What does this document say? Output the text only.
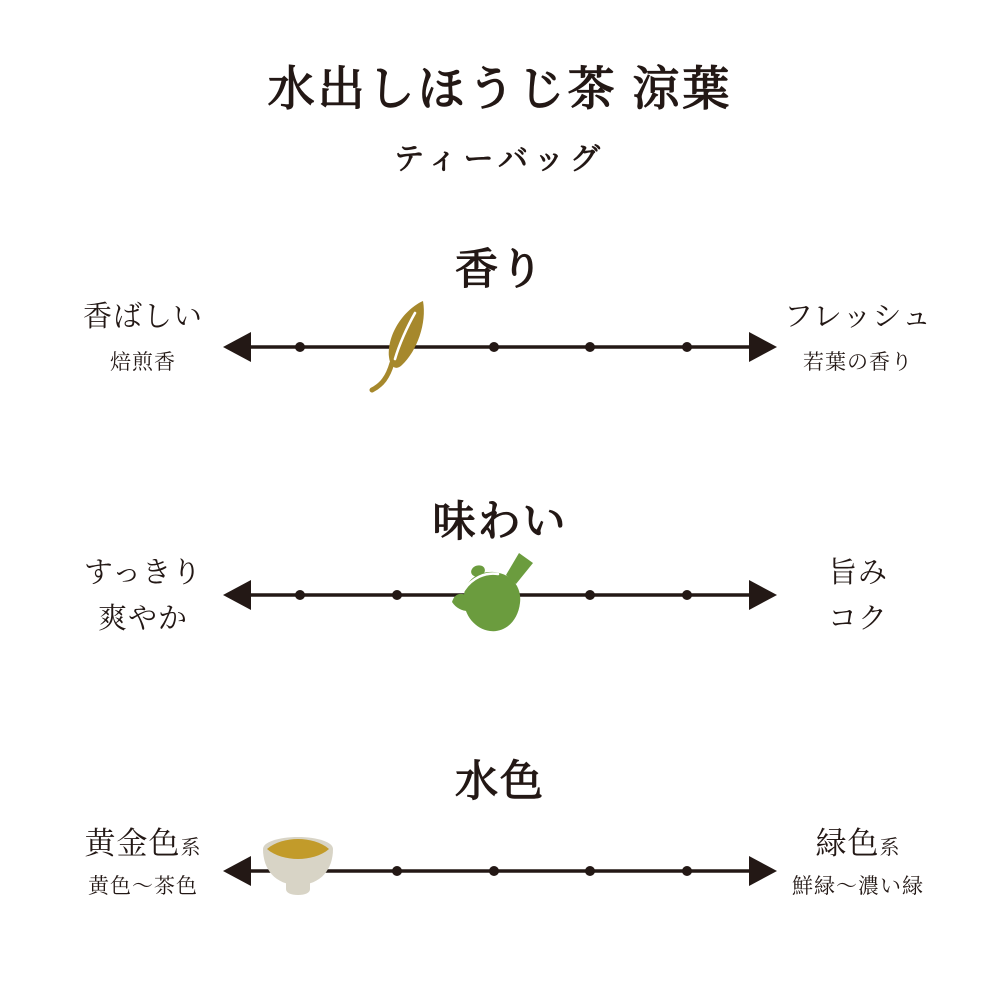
水出しほうじ茶 涼葉
ティーバッグ
香り
香ばしい
焙煎香
フレッシュ
若葉の香り
味わい
すっきり
爽やか
旨み
コク
水色
黄金色系
黄色〜茶色
緑色系
鮮緑〜濃い緑
